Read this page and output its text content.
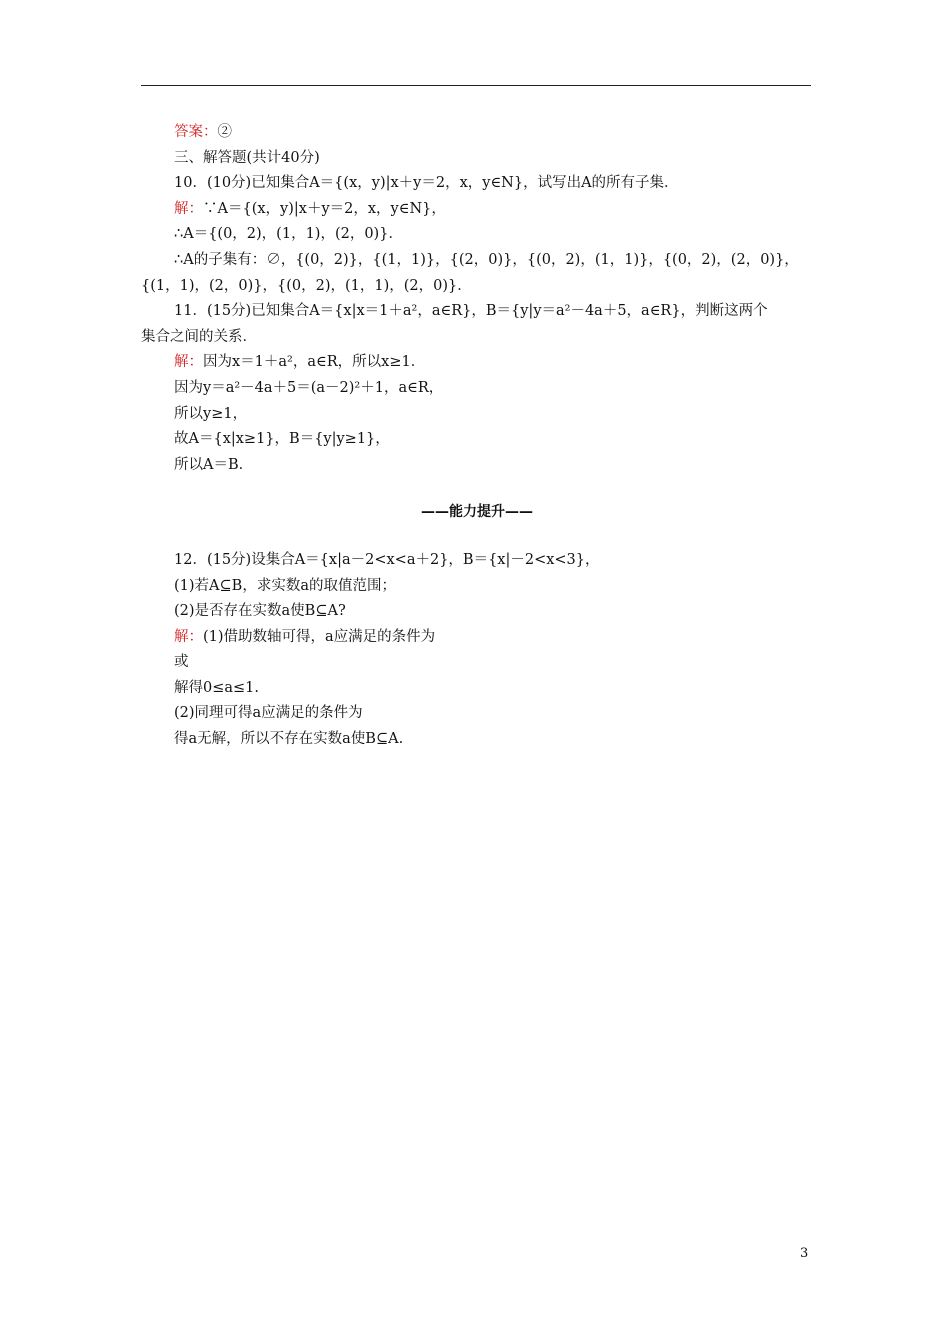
答案：②
三、解答题(共计40分)
10．(10分)已知集合A＝{(x，y)|x＋y＝2，x，y∈N}，试写出A的所有子集．
解：∵A＝{(x，y)|x＋y＝2，x，y∈N}，
∴A＝{(0，2)，(1，1)，(2，0)}．
∴A的子集有：∅，{(0，2)}，{(1，1)}，{(2，0)}，{(0，2)，(1，1)}，{(0，2)，(2，0)}，
{(1，1)，(2，0)}，{(0，2)，(1，1)，(2，0)}．
11．(15分)已知集合A＝{x|x＝1＋a²，a∈R}，B＝{y|y＝a²－4a＋5，a∈R}，判断这两个
集合之间的关系．
解：因为x＝1＋a²，a∈R，所以x≥1．
因为y＝a²－4a＋5＝(a－2)²＋1，a∈R，
所以y≥1，
故A＝{x|x≥1}，B＝{y|y≥1}，
所以A＝B．
——能力提升——
12．(15分)设集合A＝{x|a－2<x<a＋2}，B＝{x|－2<x<3}，
(1)若A⊆B，求实数a的取值范围；
(2)是否存在实数a使B⊆A?
解：(1)借助数轴可得，a应满足的条件为
或
解得0≤a≤1.
(2)同理可得a应满足的条件为
得a无解，所以不存在实数a使B⊆A.
3
